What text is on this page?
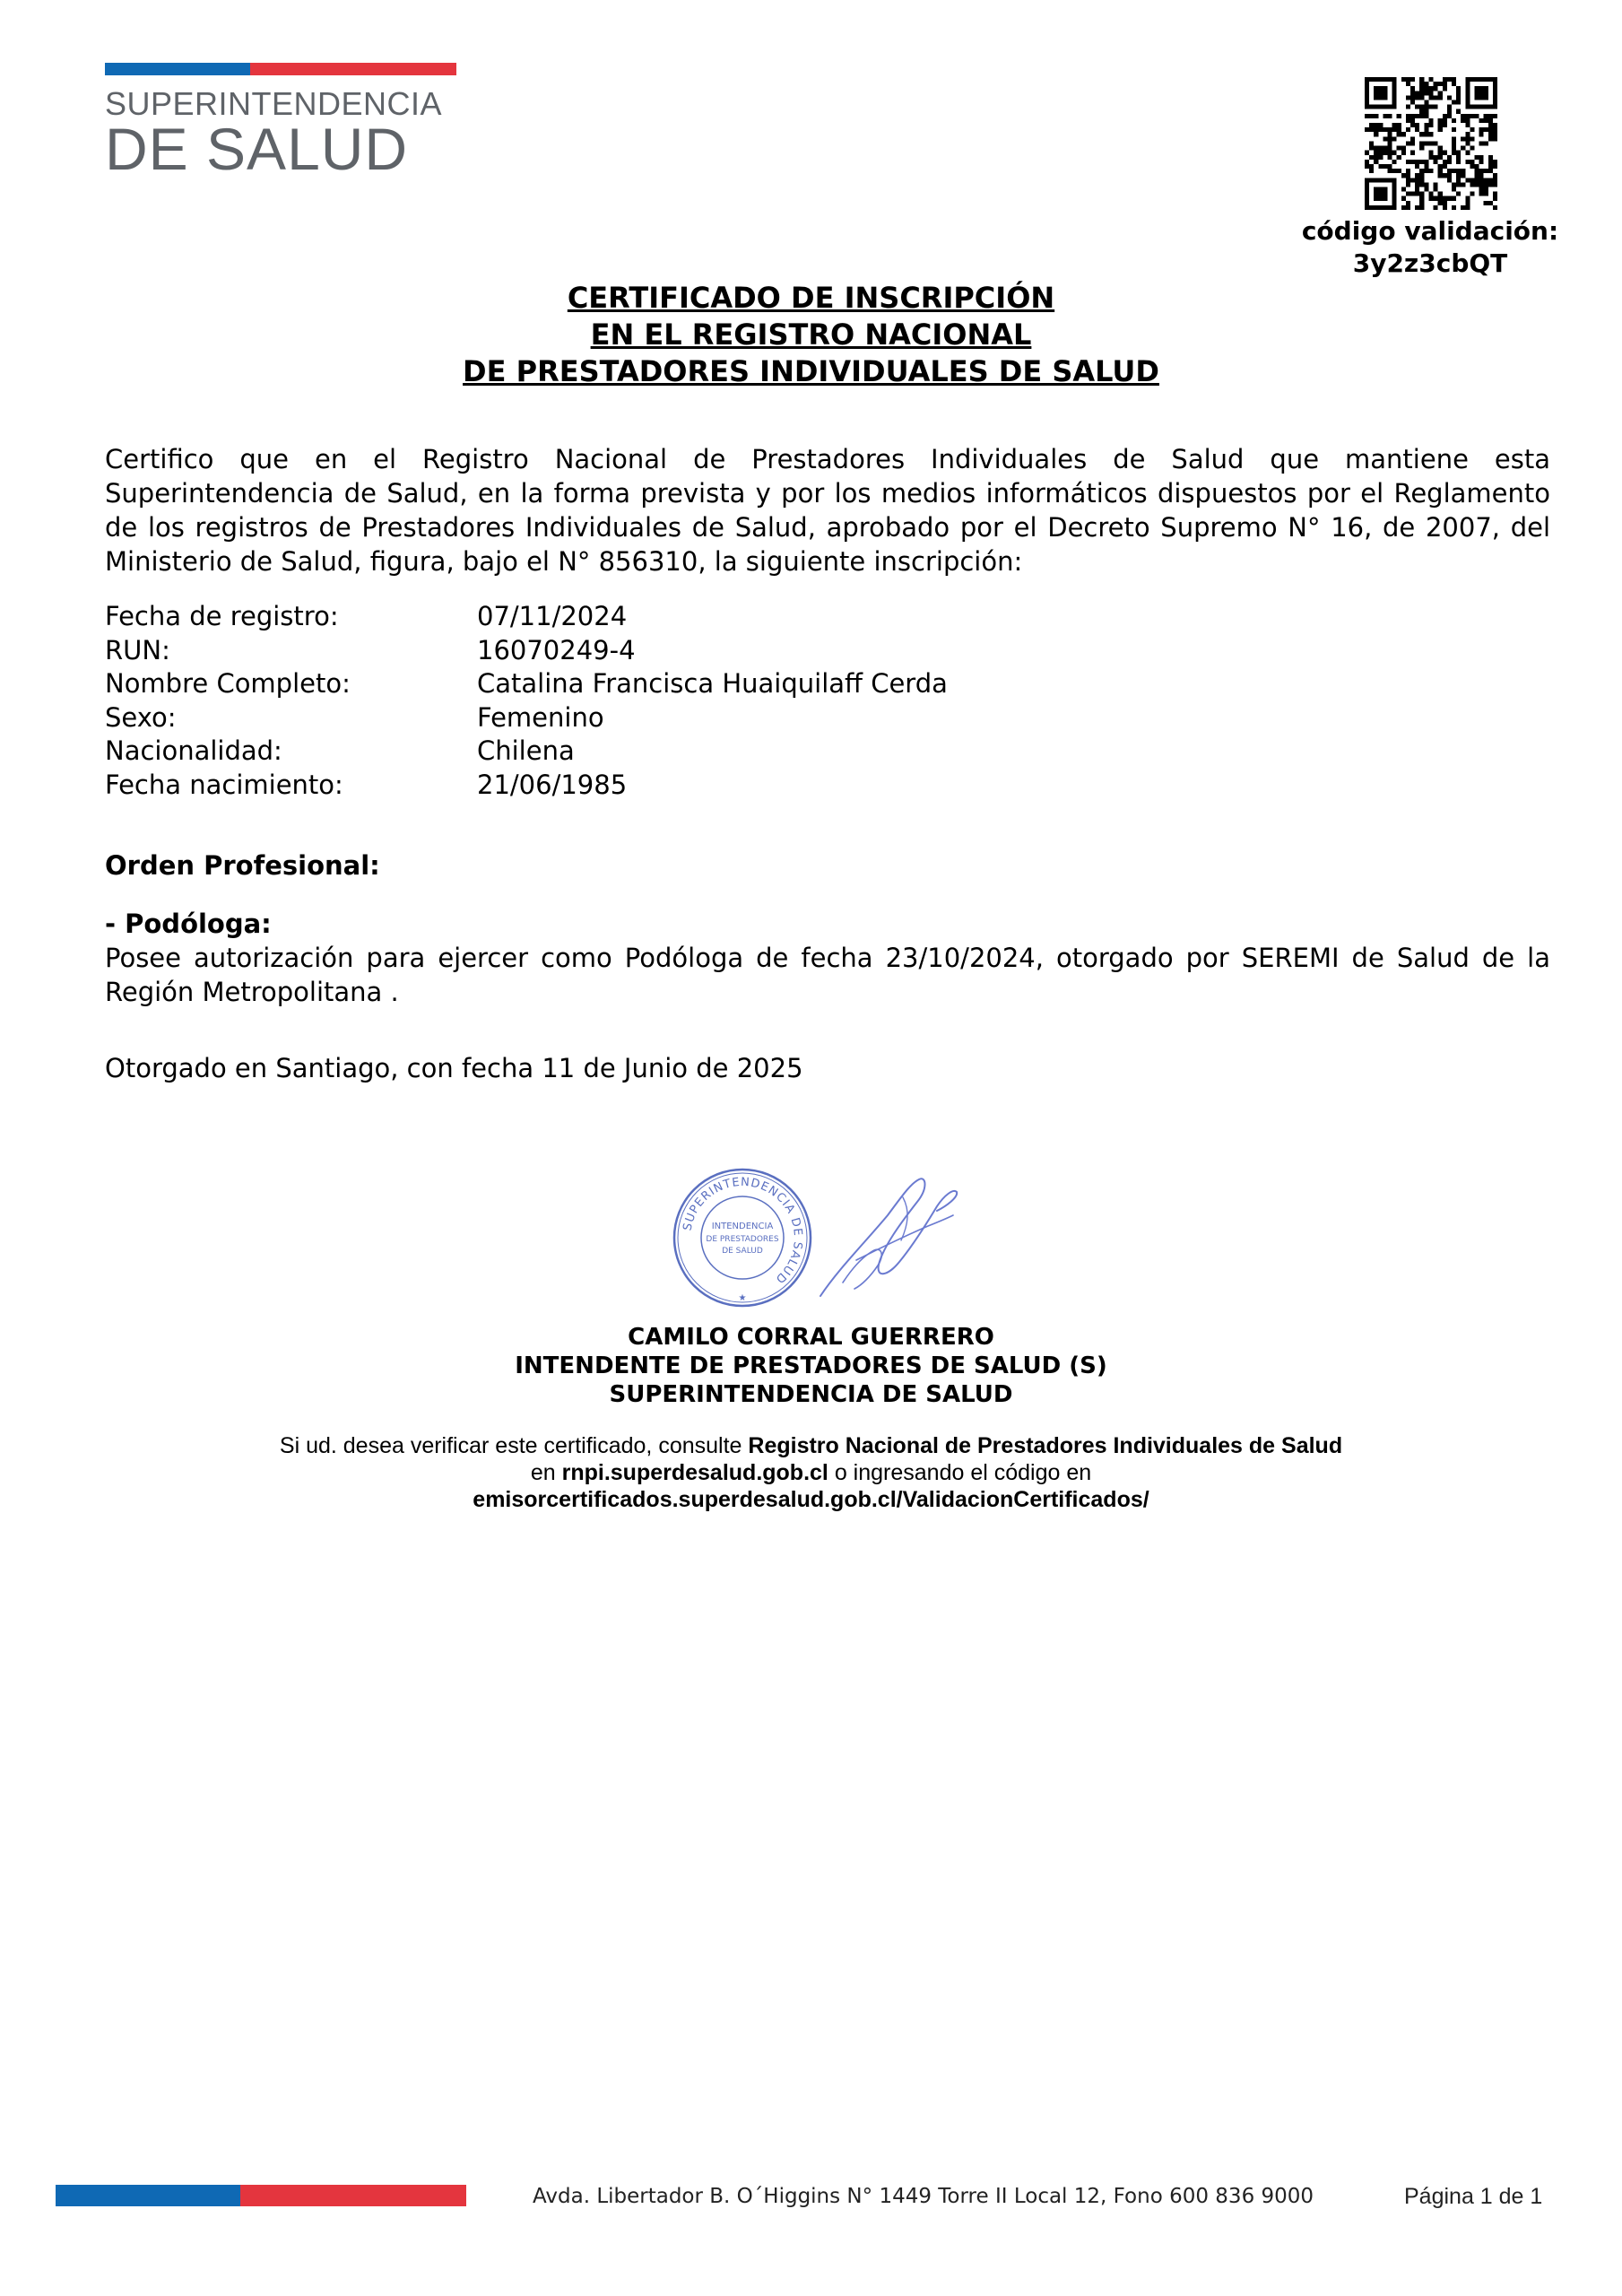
SUPERINTENDENCIA
DE SALUD
código validación:
3y2z3cbQT
CERTIFICADO DE INSCRIPCIÓN
EN EL REGISTRO NACIONAL
DE PRESTADORES INDIVIDUALES DE SALUD
Certifico que en el Registro Nacional de Prestadores Individuales de Salud que mantiene esta Superintendencia de Salud, en la forma prevista y por los medios informáticos dispuestos por el Reglamento de los registros de Prestadores Individuales de Salud, aprobado por el Decreto Supremo N° 16, de 2007, del Ministerio de Salud, figura, bajo el N° 856310, la siguiente inscripción:
Fecha de registro:	07/11/2024
RUN:	16070249-4
Nombre Completo:	Catalina Francisca Huaiquilaff Cerda
Sexo:	Femenino
Nacionalidad:	Chilena
Fecha nacimiento:	21/06/1985
Orden Profesional:
- Podóloga:
Posee autorización para ejercer como Podóloga de fecha 23/10/2024, otorgado por SEREMI de Salud de la Región Metropolitana .
Otorgado en Santiago, con fecha 11 de Junio de 2025
SUPERINTENDENCIA DE SALUD
INTENDENCIA
DE PRESTADORES
DE SALUD
★
CAMILO CORRAL GUERRERO
INTENDENTE DE PRESTADORES DE SALUD (S)
SUPERINTENDENCIA DE SALUD
Si ud. desea verificar este certificado, consulte Registro Nacional de Prestadores Individuales de Salud en rnpi.superdesalud.gob.cl o ingresando el código en
emisorcertificados.superdesalud.gob.cl/ValidacionCertificados/
Avda. Libertador B. O´Higgins N° 1449 Torre II Local 12, Fono 600 836 9000	Página 1 de 1
